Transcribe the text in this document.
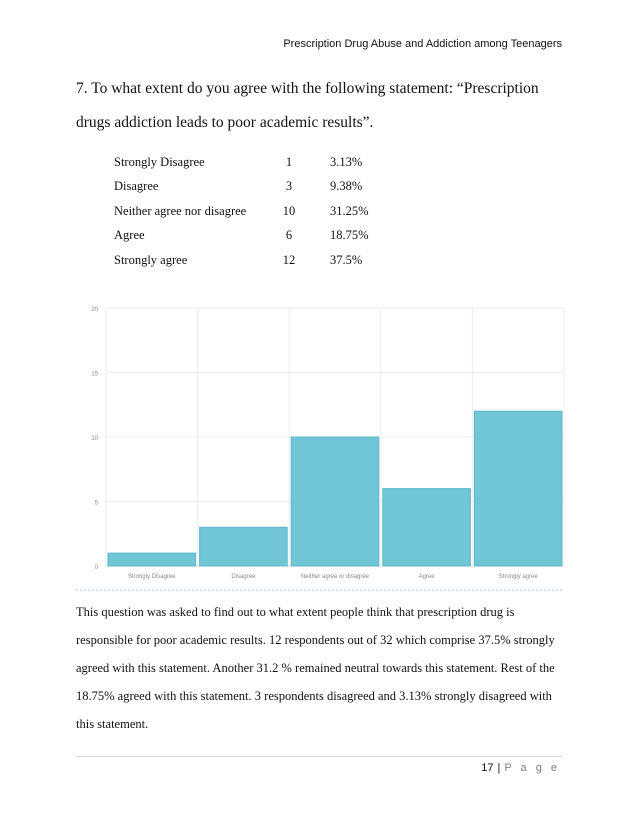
Prescription Drug Abuse and Addiction among Teenagers
7. To what extent do you agree with the following statement: “Prescription drugs addiction leads to poor academic results”.
Strongly Disagree	1	3.13%
Disagree	3	9.38%
Neither agree nor disagree	10	31.25%
Agree	6	18.75%
Strongly agree	12	37.5%
0
5
10
15
20
Strongly Disagree	Disagree	Neither agree or disagree	Agree	Strongly agree

This question was asked to find out to what extent people think that prescription drug is responsible for poor academic results. 12 respondents out of 32 which comprise 37.5% strongly agreed with this statement. Another 31.2 % remained neutral towards this statement. Rest of the 18.75% agreed with this statement. 3 respondents disagreed and 3.13% strongly disagreed with this statement.

17 | P a g e
